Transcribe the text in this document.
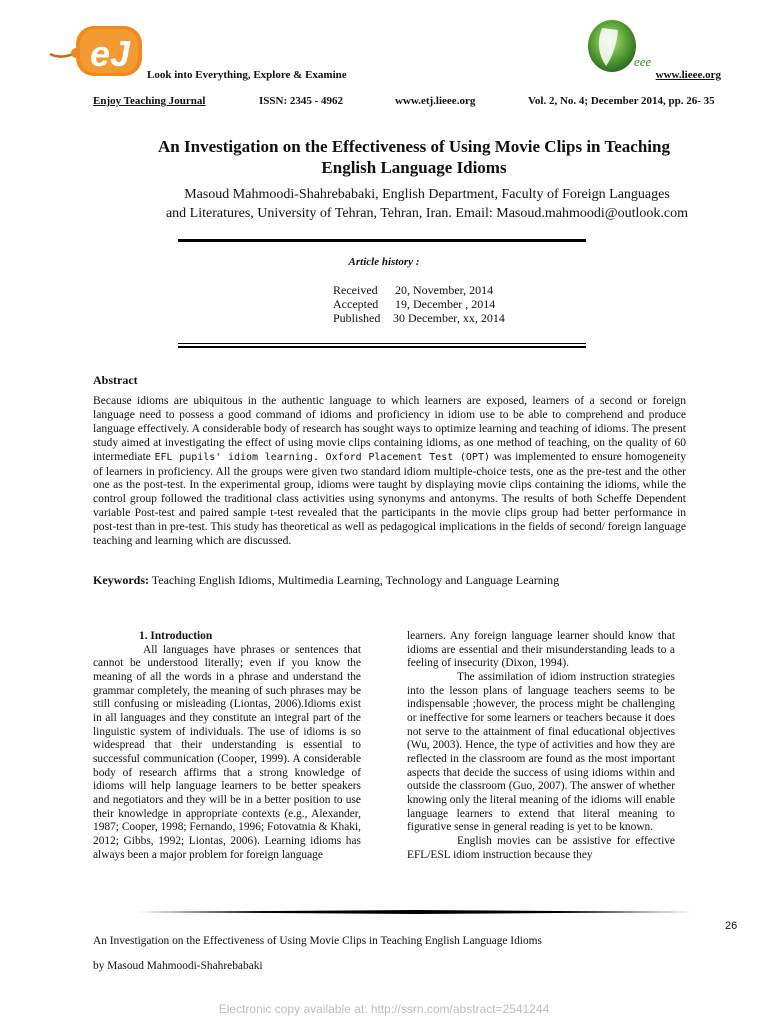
eJ
Look into Everything, Explore & Examine
eee
www.lieee.org
Enjoy Teaching Journal	ISSN: 2345 - 4962	www.etj.lieee.org	Vol. 2, No. 4; December 2014, pp. 26- 35
An Investigation on the Effectiveness of Using Movie Clips in Teaching
English Language Idioms
Masoud Mahmoodi-Shahrebabaki, English Department, Faculty of Foreign Languages
and Literatures, University of Tehran, Tehran, Iran. Email: Masoud.mahmoodi@outlook.com
Article history :
Received 20, November, 2014
Accepted 19, December , 2014
Published 30 December, xx, 2014
Abstract
Because idioms are ubiquitous in the authentic language to which learners are exposed, learners of a second or foreign language need to possess a good command of idioms and proficiency in idiom use to be able to comprehend and produce language effectively. A considerable body of research has sought ways to optimize learning and teaching of idioms. The present study aimed at investigating the effect of using movie clips containing idioms, as one method of teaching, on the quality of 60 intermediate EFL pupils' idiom learning. Oxford Placement Test (OPT) was implemented to ensure homogeneity of learners in proficiency. All the groups were given two standard idiom multiple-choice tests, one as the pre-test and the other one as the post-test. In the experimental group, idioms were taught by displaying movie clips containing the idioms, while the control group followed the traditional class activities using synonyms and antonyms. The results of both Scheffe Dependent variable Post-test and paired sample t-test revealed that the participants in the movie clips group had better performance in post-test than in pre-test. This study has theoretical as well as pedagogical implications in the fields of second/ foreign language teaching and learning which are discussed.
Keywords: Teaching English Idioms, Multimedia Learning, Technology and Language Learning

1. Introduction

All languages have phrases or sentences that cannot be understood literally; even if you know the meaning of all the words in a phrase and understand the grammar completely, the meaning of such phrases may be still confusing or misleading (Liontas, 2006).Idioms exist in all languages and they constitute an integral part of the linguistic system of individuals. The use of idioms is so widespread that their understanding is essential to successful communication (Cooper, 1999). A considerable body of research affirms that a strong knowledge of idioms will help language learners to be better speakers and negotiators and they will be in a better position to use their knowledge in appropriate contexts (e.g., Alexander, 1987; Cooper, 1998; Fernando, 1996; Fotovatnia & Khaki, 2012; Gibbs, 1992; Liontas, 2006). Learning idioms has always been a major problem for foreign language

learners. Any foreign language learner should know that idioms are essential and their misunderstanding leads to a feeling of insecurity (Dixon, 1994).

The assimilation of idiom instruction strategies into the lesson plans of language teachers seems to be indispensable ;however, the process might be challenging or ineffective for some learners or teachers because it does not serve to the attainment of final educational objectives (Wu, 2003). Hence, the type of activities and how they are reflected in the classroom are found as the most important aspects that decide the success of using idioms within and outside the classroom (Guo, 2007). The answer of whether knowing only the literal meaning of the idioms will enable language learners to extend that literal meaning to figurative sense in general reading is yet to be known.

English movies can be assistive for effective EFL/ESL idiom instruction because they

26
An Investigation on the Effectiveness of Using Movie Clips in Teaching English Language Idioms
by Masoud Mahmoodi-Shahrebabaki
Electronic copy available at: http://ssrn.com/abstract=2541244
